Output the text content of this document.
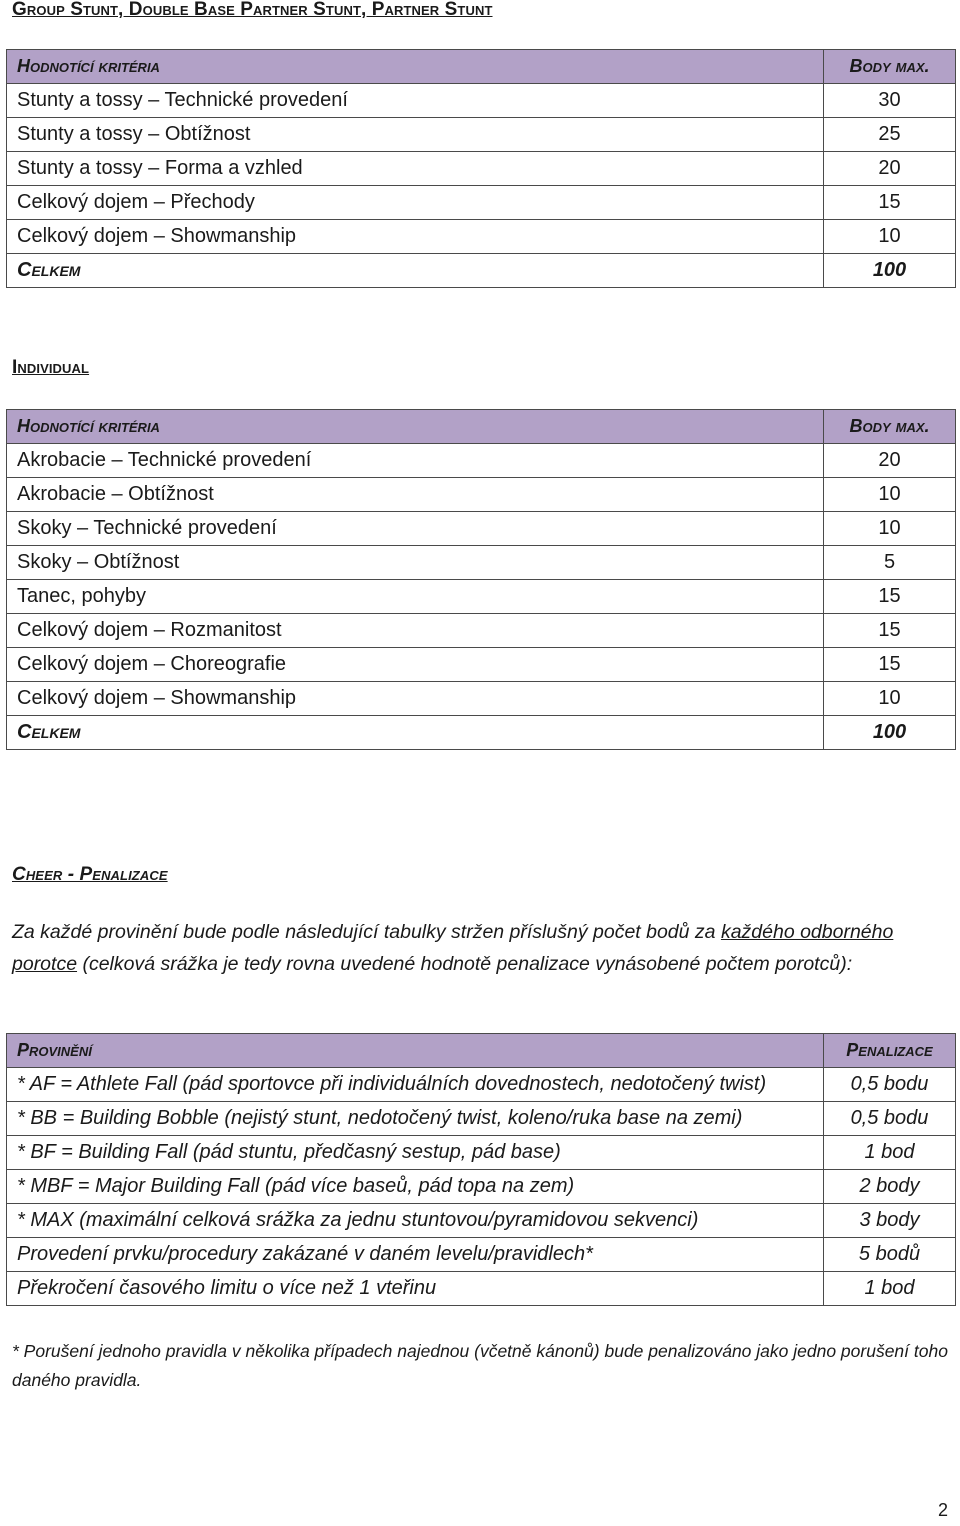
Group Stunt, Double Base Partner Stunt, Partner Stunt
Hodnotící kritéria	Body max.
Stunty a tossy – Technické provedení	30
Stunty a tossy – Obtížnost	25
Stunty a tossy – Forma a vzhled	20
Celkový dojem – Přechody	15
Celkový dojem – Showmanship	10
Celkem	100
Individual
Hodnotící kritéria	Body max.
Akrobacie – Technické provedení	20
Akrobacie – Obtížnost	10
Skoky – Technické provedení	10
Skoky – Obtížnost	5
Tanec, pohyby	15
Celkový dojem – Rozmanitost	15
Celkový dojem – Choreografie	15
Celkový dojem – Showmanship	10
Celkem	100
Cheer - Penalizace

Za každé provinění bude podle následující tabulky stržen příslušný počet bodů za každého odborného porotce (celková srážka je tedy rovna uvedené hodnotě penalizace vynásobené počtem porotců):

Provinění	Penalizace
* AF = Athlete Fall (pád sportovce při individuálních dovednostech, nedotočený twist)	0,5 bodu
* BB = Building Bobble (nejistý stunt, nedotočený twist, koleno/ruka base na zemi)	0,5 bodu
* BF = Building Fall (pád stuntu, předčasný sestup, pád base)	1 bod
* MBF = Major Building Fall (pád více baseů, pád topa na zem)	2 body
* MAX (maximální celková srážka za jednu stuntovou/pyramidovou sekvenci)	3 body
Provedení prvku/procedury zakázané v daném levelu/pravidlech*	5 bodů
Překročení časového limitu o více než 1 vteřinu	1 bod

* Porušení jednoho pravidla v několika případech najednou (včetně kánonů) bude penalizováno jako jedno porušení toho daného pravidla.

2
